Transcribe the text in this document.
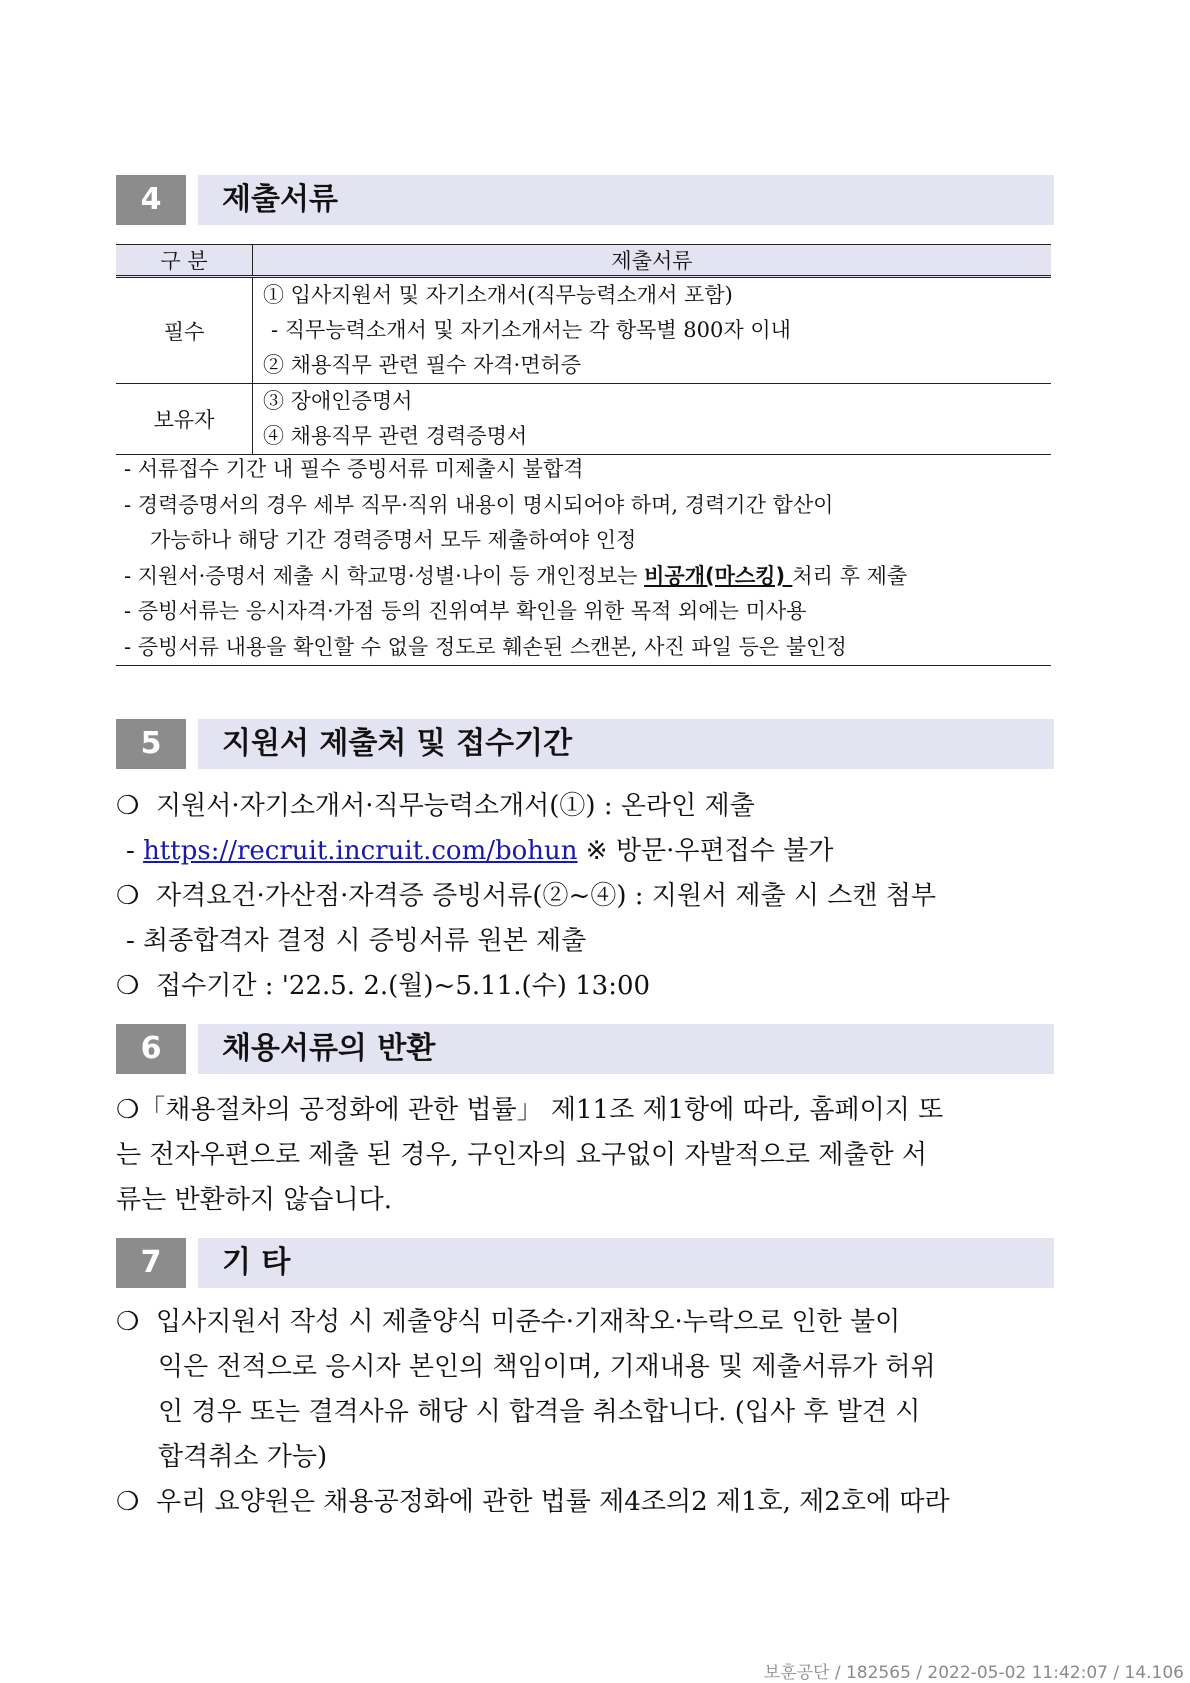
4	제출서류
구 분	제출서류
필수	① 입사지원서 및 자기소개서(직무능력소개서 포함)
- 직무능력소개서 및 자기소개서는 각 항목별 800자 이내
② 채용직무 관련 필수 자격·면허증

보유자	③ 장애인증명서
④ 채용직무 관련 경력증명서
- 서류접수 기간 내 필수 증빙서류 미제출시 불합격
- 경력증명서의 경우 세부 직무·직위 내용이 명시되어야 하며, 경력기간 합산이
가능하나 해당 기간 경력증명서 모두 제출하여야 인정
- 지원서·증명서 제출 시 학교명·성별·나이 등 개인정보는 비공개(마스킹) 처리 후 제출
- 증빙서류는 응시자격·가점 등의 진위여부 확인을 위한 목적 외에는 미사용
- 증빙서류 내용을 확인할 수 없을 정도로 훼손된 스캔본, 사진 파일 등은 불인정
5	지원서 제출처 및 접수기간
❍ 지원서·자기소개서·직무능력소개서(①) : 온라인 제출
- https://recruit.incruit.com/bohun ※ 방문·우편접수 불가
❍ 자격요건·가산점·자격증 증빙서류(②~④) : 지원서 제출 시 스캔 첨부
- 최종합격자 결정 시 증빙서류 원본 제출
❍ 접수기간 : '22.5. 2.(월)~5.11.(수) 13:00
6	채용서류의 반환
❍「채용절차의 공정화에 관한 법률」 제11조 제1항에 따라, 홈페이지 또
는 전자우편으로 제출 된 경우, 구인자의 요구없이 자발적으로 제출한 서
류는 반환하지 않습니다.
7	기 타
❍ 입사지원서 작성 시 제출양식 미준수·기재착오·누락으로 인한 불이
익은 전적으로 응시자 본인의 책임이며, 기재내용 및 제출서류가 허위
인 경우 또는 결격사유 해당 시 합격을 취소합니다. (입사 후 발견 시
합격취소 가능)
❍ 우리 요양원은 채용공정화에 관한 법률 제4조의2 제1호, 제2호에 따라
보훈공단 / 182565 / 2022-05-02 11:42:07 / 14.106
